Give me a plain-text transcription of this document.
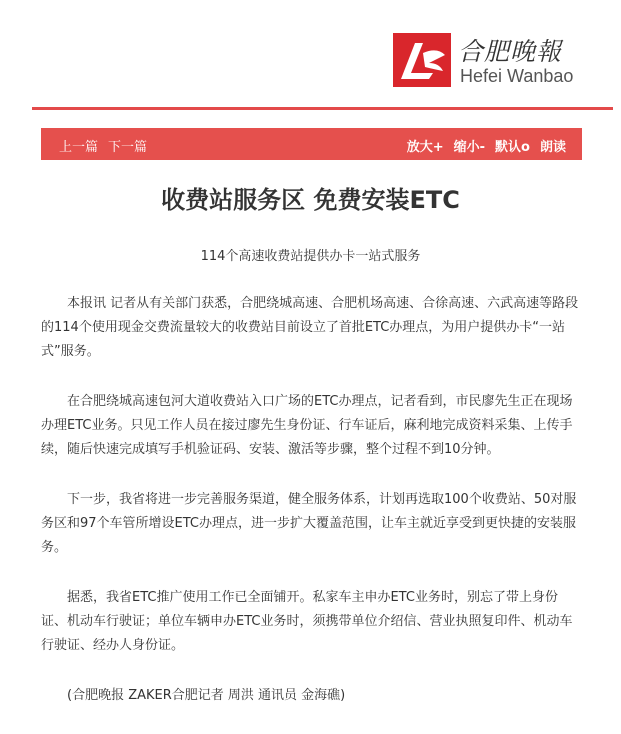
合肥晚報
Hefei Wanbao
上一篇 下一篇	放大+ 缩小- 默认o 朗读
收费站服务区 免费安装ETC

114个高速收费站提供办卡一站式服务

本报讯 记者从有关部门获悉，合肥绕城高速、合肥机场高速、合徐高速、六武高速等路段的114个使用现金交费流量较大的收费站目前设立了首批ETC办理点，为用户提供办卡“一站式”服务。

在合肥绕城高速包河大道收费站入口广场的ETC办理点，记者看到，市民廖先生正在现场办理ETC业务。只见工作人员在接过廖先生身份证、行车证后，麻利地完成资料采集、上传手续，随后快速完成填写手机验证码、安装、激活等步骤，整个过程不到10分钟。

下一步，我省将进一步完善服务渠道，健全服务体系，计划再选取100个收费站、50对服务区和97个车管所增设ETC办理点，进一步扩大覆盖范围，让车主就近享受到更快捷的安装服务。

据悉，我省ETC推广使用工作已全面铺开。私家车主申办ETC业务时，别忘了带上身份证、机动车行驶证；单位车辆申办ETC业务时，须携带单位介绍信、营业执照复印件、机动车行驶证、经办人身份证。

(合肥晚报 ZAKER合肥记者 周洪 通讯员 金海礁)
